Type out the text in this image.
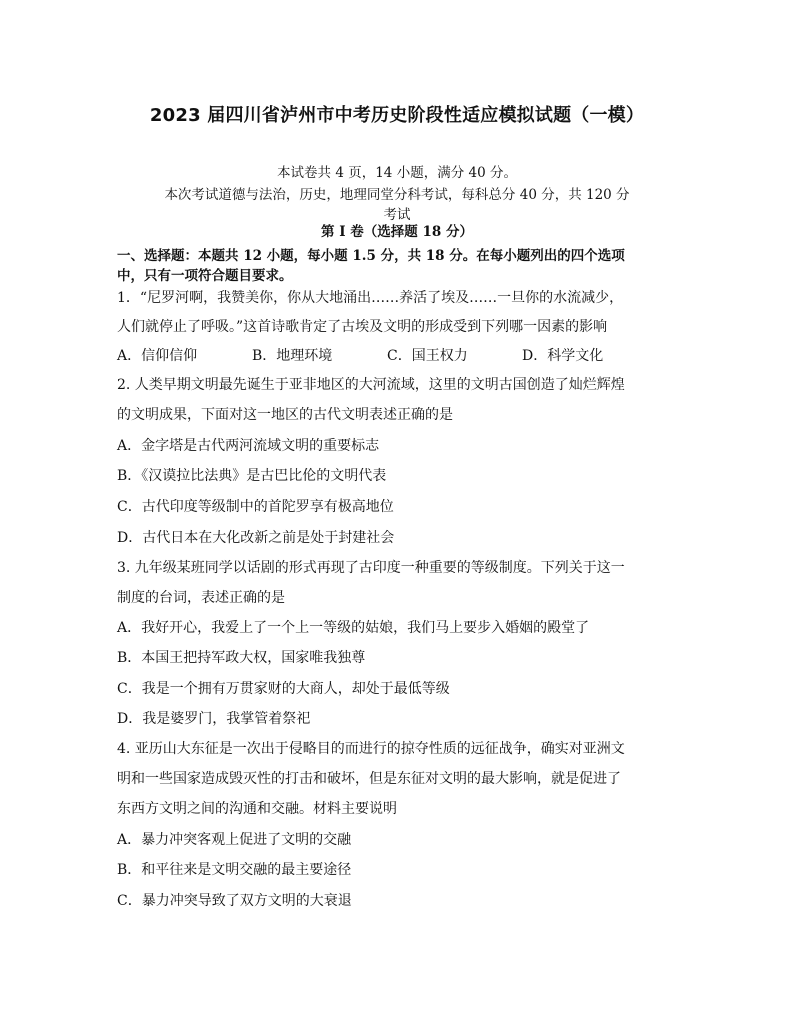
2023 届四川省泸州市中考历史阶段性适应模拟试题（一模）
本试卷共 4 页，14 小题，满分 40 分。
本次考试道德与法治，历史，地理同堂分科考试，每科总分 40 分，共 120 分
考试
第 I 卷（选择题 18 分）
一、选择题：本题共 12 小题，每小题 1.5 分，共 18 分。在每小题列出的四个选项
中，只有一项符合题目要求。
1．“尼罗河啊，我赞美你，你从大地涌出……养活了埃及……一旦你的水流减少，
人们就停止了呼吸。”这首诗歌肯定了古埃及文明的形成受到下列哪一因素的影响
A．信仰信仰	B．地理环境	C．国王权力	D．科学文化
2. 人类早期文明最先诞生于亚非地区的大河流域，这里的文明古国创造了灿烂辉煌
的文明成果，下面对这一地区的古代文明表述正确的是
A．金字塔是古代两河流域文明的重要标志
B．《汉谟拉比法典》是古巴比伦的文明代表
C．古代印度等级制中的首陀罗享有极高地位
D．古代日本在大化改新之前是处于封建社会
3. 九年级某班同学以话剧的形式再现了古印度一种重要的等级制度。下列关于这一
制度的台词，表述正确的是
A．我好开心，我爱上了一个上一等级的姑娘，我们马上要步入婚姻的殿堂了
B．本国王把持军政大权，国家唯我独尊
C．我是一个拥有万贯家财的大商人，却处于最低等级
D．我是婆罗门，我掌管着祭祀
4. 亚历山大东征是一次出于侵略目的而进行的掠夺性质的远征战争，确实对亚洲文
明和一些国家造成毁灭性的打击和破坏，但是东征对文明的最大影响，就是促进了
东西方文明之间的沟通和交融。材料主要说明
A．暴力冲突客观上促进了文明的交融
B．和平往来是文明交融的最主要途径
C．暴力冲突导致了双方文明的大衰退
